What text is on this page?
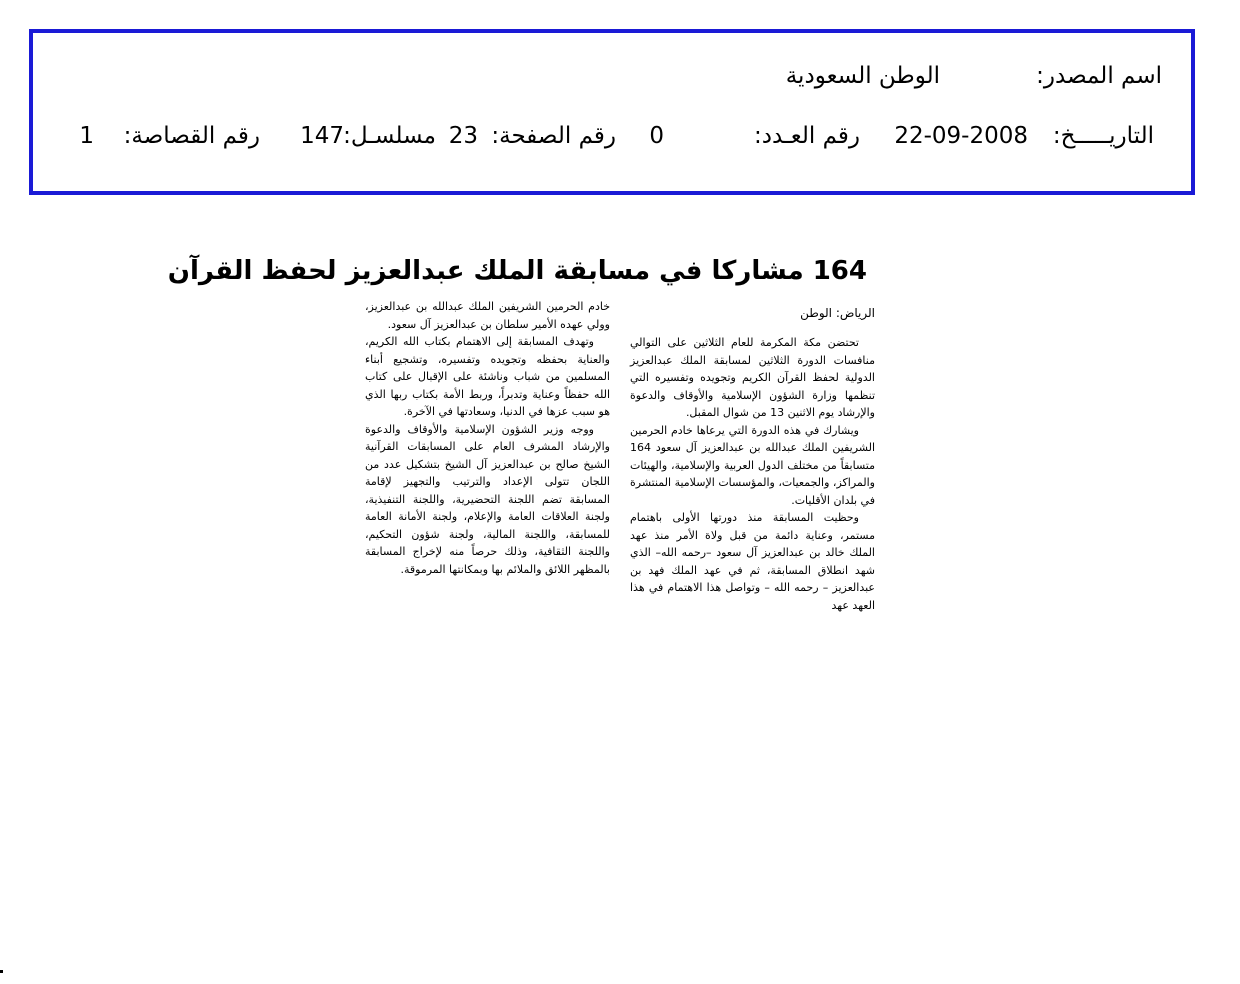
اسم المصدر:
الوطن السعودية
التاريـــــخ:
22-09-2008
رقم العـدد:
0
رقم الصفحة:
23
مسلسـل:
147
رقم القصاصة:
1
164 مشاركا في مسابقة الملك عبدالعزيز لحفظ القرآن
الرياض: الوطن

تحتضن مكة المكرمة للعام الثلاثين على التوالي منافسات الدورة الثلاثين لمسابقة الملك عبدالعزيز الدولية لحفظ القرآن الكريم وتجويده وتفسيره التي تنظمها وزارة الشؤون الإسلامية والأوقاف والدعوة والإرشاد يوم الاثنين 13 من شوال المقبل.

ويشارك في هذه الدورة التي يرعاها خادم الحرمين الشريفين الملك عبدالله بن عبدالعزيز آل سعود 164 متسابقاً من مختلف الدول العربية والإسلامية، والهيئات والمراكز، والجمعيات، والمؤسسات الإسلامية المنتشرة في بلدان الأقليات.

وحظيت المسابقة منذ دورتها الأولى باهتمام مستمر، وعناية دائمة من قبل ولاة الأمر منذ عهد الملك خالد بن عبدالعزيز آل سعود –رحمه الله– الذي شهد انطلاق المسابقة، ثم في عهد الملك فهد بن عبدالعزيز – رحمه الله – وتواصل هذا الاهتمام في هذا العهد عهد

خادم الحرمين الشريفين الملك عبدالله بن عبدالعزيز، وولي عهده الأمير سلطان بن عبدالعزيز آل سعود.

وتهدف المسابقة إلى الاهتمام بكتاب الله الكريم، والعناية بحفظه وتجويده وتفسيره، وتشجيع أبناء المسلمين من شباب وناشئة على الإقبال على كتاب الله حفظاً وعناية وتدبراً، وربط الأمة بكتاب ربها الذي هو سبب عزها في الدنيا، وسعادتها في الآخرة.

ووجه وزير الشؤون الإسلامية والأوقاف والدعوة والإرشاد المشرف العام على المسابقات القرآنية الشيخ صالح بن عبدالعزيز آل الشيخ بتشكيل عدد من اللجان تتولى الإعداد والترتيب والتجهيز لإقامة المسابقة تضم اللجنة التحضيرية، واللجنة التنفيذية، ولجنة العلاقات العامة والإعلام، ولجنة الأمانة العامة للمسابقة، واللجنة المالية، ولجنة شؤون التحكيم، واللجنة الثقافية، وذلك حرصاً منه لإخراج المسابقة بالمظهر اللائق والملائم بها وبمكانتها المرموقة.
